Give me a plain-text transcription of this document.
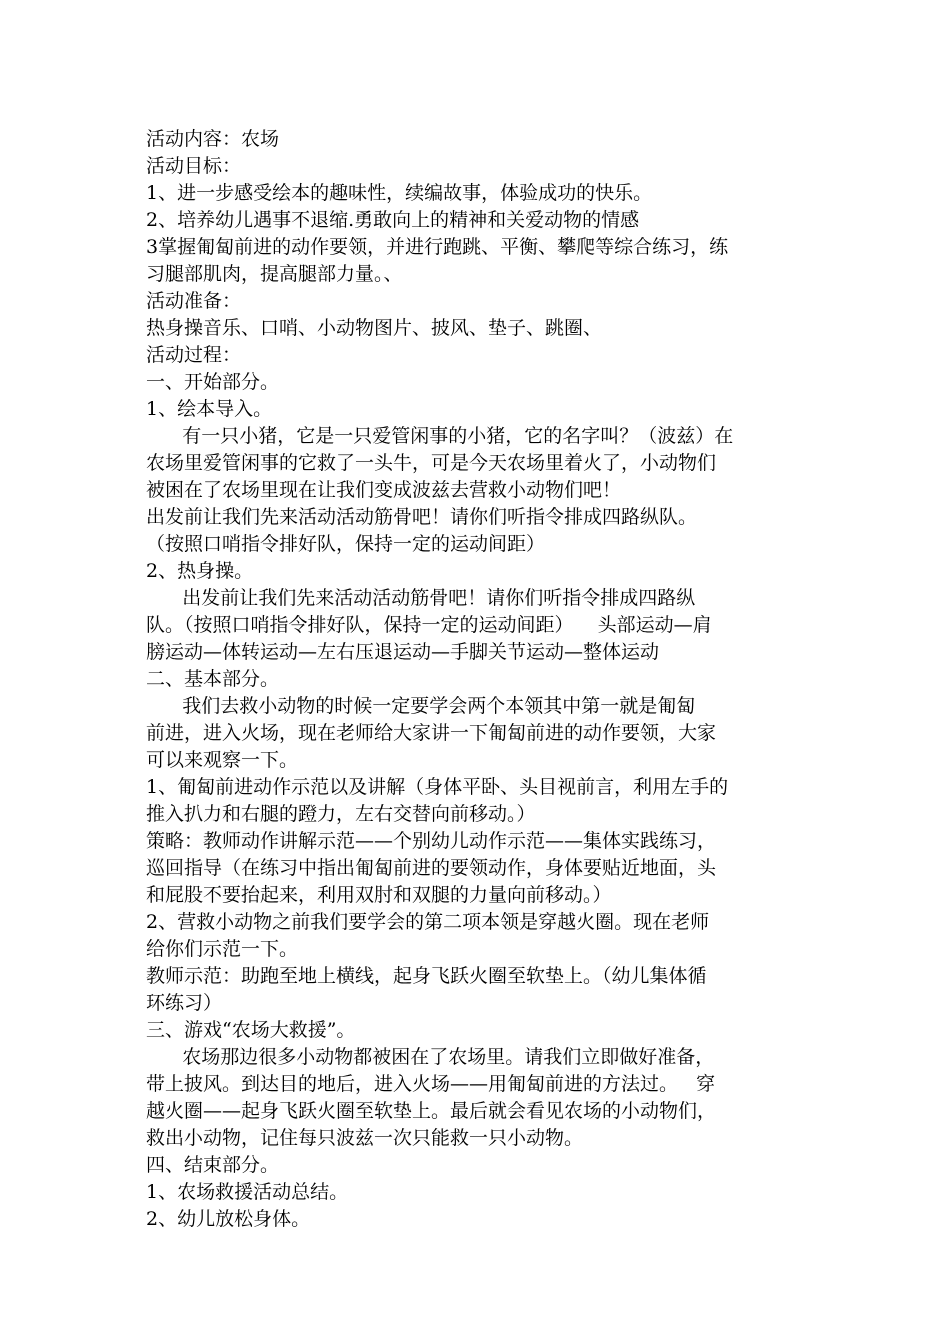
活动内容：农场
活动目标：
1、进一步感受绘本的趣味性，续编故事，体验成功的快乐。
2、培养幼儿遇事不退缩.勇敢向上的精神和关爱动物的情感
3掌握匍匐前进的动作要领，并进行跑跳、平衡、攀爬等综合练习，练
习腿部肌肉，提高腿部力量。、
活动准备：
热身操音乐、口哨、小动物图片、披风、垫子、跳圈、
活动过程：
一、开始部分。
1、绘本导入。
有一只小猪，它是一只爱管闲事的小猪，它的名字叫？（波兹）在
农场里爱管闲事的它救了一头牛，可是今天农场里着火了，小动物们
被困在了农场里现在让我们变成波兹去营救小动物们吧！
出发前让我们先来活动活动筋骨吧！请你们听指令排成四路纵队。
（按照口哨指令排好队，保持一定的运动间距）
2、热身操。
出发前让我们先来活动活动筋骨吧！请你们听指令排成四路纵
队。（按照口哨指令排好队，保持一定的运动间距）    头部运动—肩
膀运动—体转运动—左右压退运动—手脚关节运动—整体运动
二、基本部分。
我们去救小动物的时候一定要学会两个本领其中第一就是匍匐
前进，进入火场，现在老师给大家讲一下匍匐前进的动作要领，大家
可以来观察一下。
1、匍匐前进动作示范以及讲解（身体平卧、头目视前言，利用左手的
推入扒力和右腿的蹬力，左右交替向前移动。）
策略：教师动作讲解示范——个别幼儿动作示范——集体实践练习，
巡回指导（在练习中指出匍匐前进的要领动作，身体要贴近地面，头
和屁股不要抬起来，利用双肘和双腿的力量向前移动。）
2、营救小动物之前我们要学会的第二项本领是穿越火圈。现在老师
给你们示范一下。
教师示范：助跑至地上横线，起身飞跃火圈至软垫上。（幼儿集体循
环练习）
三、游戏“农场大救援”。
农场那边很多小动物都被困在了农场里。请我们立即做好准备，
带上披风。到达目的地后，进入火场——用匍匐前进的方法过。   穿
越火圈——起身飞跃火圈至软垫上。最后就会看见农场的小动物们，
救出小动物，记住每只波兹一次只能救一只小动物。
四、结束部分。
1、农场救援活动总结。
2、幼儿放松身体。
